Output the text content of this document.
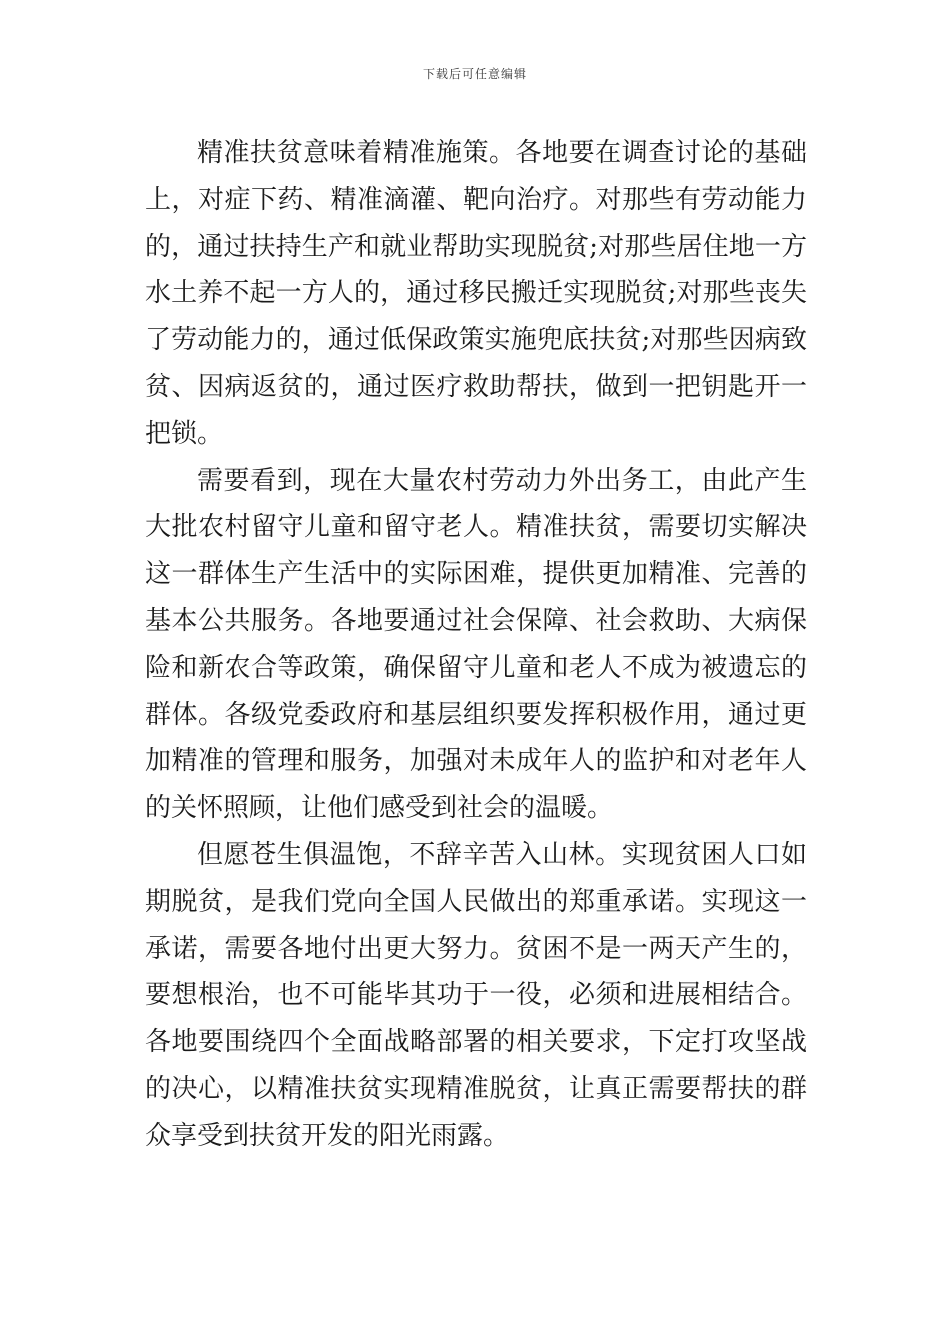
下载后可任意编辑

精准扶贫意味着精准施策。各地要在调查讨论的基础上，对症下药、精准滴灌、靶向治疗。对那些有劳动能力的，通过扶持生产和就业帮助实现脱贫;对那些居住地一方水土养不起一方人的，通过移民搬迁实现脱贫;对那些丧失了劳动能力的，通过低保政策实施兜底扶贫;对那些因病致贫、因病返贫的，通过医疗救助帮扶，做到一把钥匙开一把锁。

需要看到，现在大量农村劳动力外出务工，由此产生大批农村留守儿童和留守老人。精准扶贫，需要切实解决这一群体生产生活中的实际困难，提供更加精准、完善的基本公共服务。各地要通过社会保障、社会救助、大病保险和新农合等政策，确保留守儿童和老人不成为被遗忘的群体。各级党委政府和基层组织要发挥积极作用，通过更加精准的管理和服务，加强对未成年人的监护和对老年人的关怀照顾，让他们感受到社会的温暖。

但愿苍生俱温饱，不辞辛苦入山林。实现贫困人口如期脱贫，是我们党向全国人民做出的郑重承诺。实现这一承诺，需要各地付出更大努力。贫困不是一两天产生的，要想根治，也不可能毕其功于一役，必须和进展相结合。各地要围绕四个全面战略部署的相关要求，下定打攻坚战的决心，以精准扶贫实现精准脱贫，让真正需要帮扶的群众享受到扶贫开发的阳光雨露。
